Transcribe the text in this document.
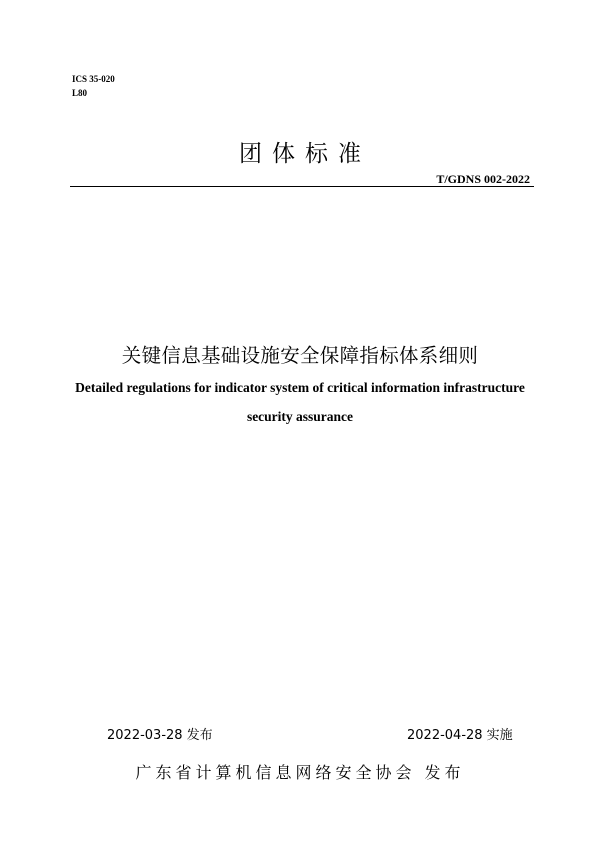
ICS 35-020
L80
团体标准
T/GDNS 002-2022
关键信息基础设施安全保障指标体系细则
Detailed regulations for indicator system of critical information infrastructure
security assurance
2022-03-28 发布	2022-04-28 实施
广东省计算机信息网络安全协会 发布
